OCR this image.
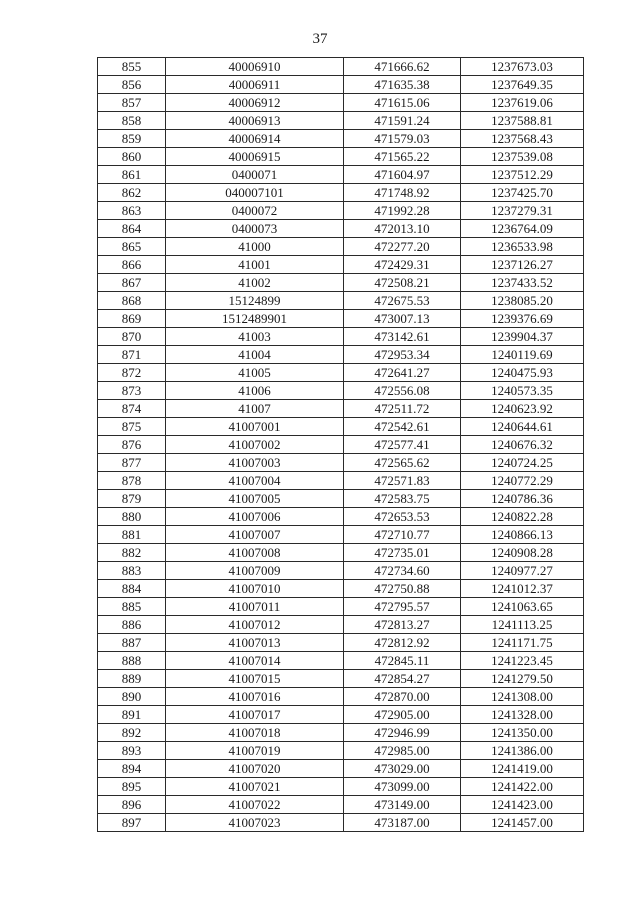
37
855	40006910	471666.62	1237673.03
856	40006911	471635.38	1237649.35
857	40006912	471615.06	1237619.06
858	40006913	471591.24	1237588.81
859	40006914	471579.03	1237568.43
860	40006915	471565.22	1237539.08
861	0400071	471604.97	1237512.29
862	040007101	471748.92	1237425.70
863	0400072	471992.28	1237279.31
864	0400073	472013.10	1236764.09
865	41000	472277.20	1236533.98
866	41001	472429.31	1237126.27
867	41002	472508.21	1237433.52
868	15124899	472675.53	1238085.20
869	1512489901	473007.13	1239376.69
870	41003	473142.61	1239904.37
871	41004	472953.34	1240119.69
872	41005	472641.27	1240475.93
873	41006	472556.08	1240573.35
874	41007	472511.72	1240623.92
875	41007001	472542.61	1240644.61
876	41007002	472577.41	1240676.32
877	41007003	472565.62	1240724.25
878	41007004	472571.83	1240772.29
879	41007005	472583.75	1240786.36
880	41007006	472653.53	1240822.28
881	41007007	472710.77	1240866.13
882	41007008	472735.01	1240908.28
883	41007009	472734.60	1240977.27
884	41007010	472750.88	1241012.37
885	41007011	472795.57	1241063.65
886	41007012	472813.27	1241113.25
887	41007013	472812.92	1241171.75
888	41007014	472845.11	1241223.45
889	41007015	472854.27	1241279.50
890	41007016	472870.00	1241308.00
891	41007017	472905.00	1241328.00
892	41007018	472946.99	1241350.00
893	41007019	472985.00	1241386.00
894	41007020	473029.00	1241419.00
895	41007021	473099.00	1241422.00
896	41007022	473149.00	1241423.00
897	41007023	473187.00	1241457.00
